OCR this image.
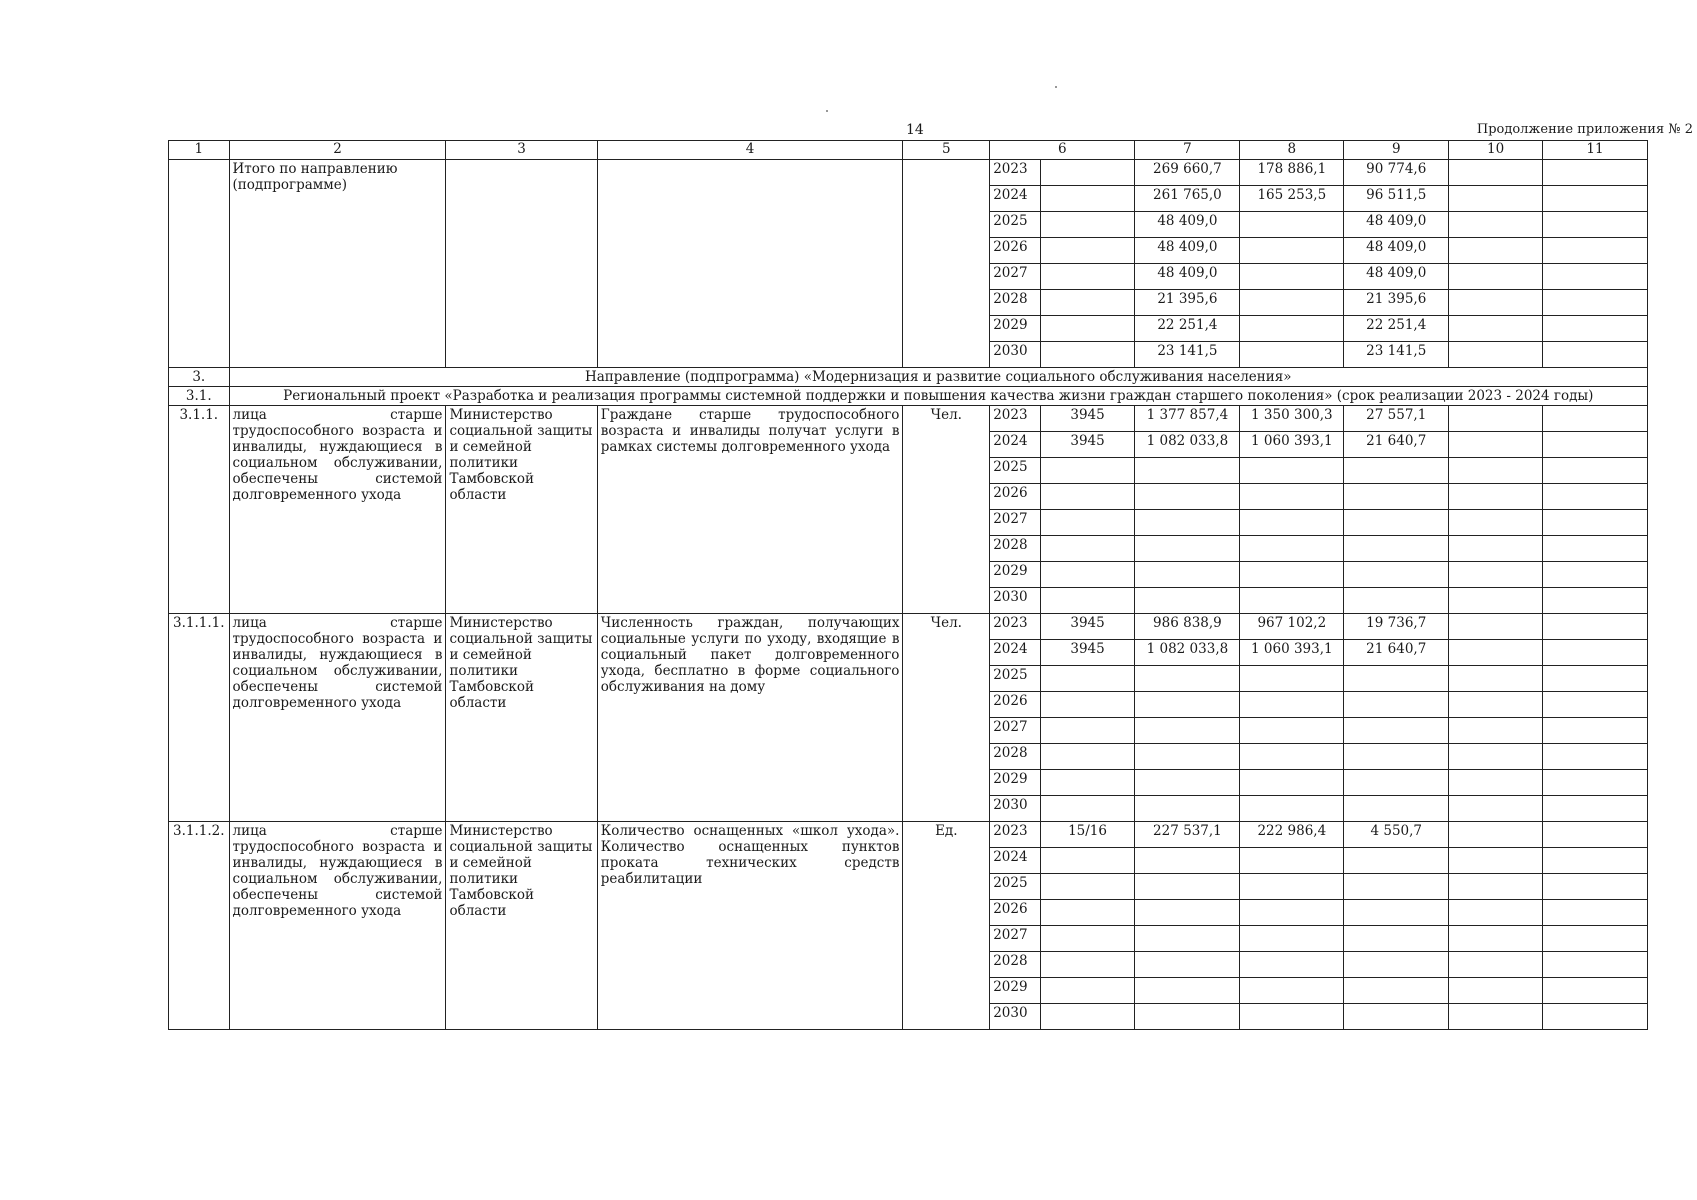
14	Продолжение приложения № 2
1	2	3	4	5	6		7	8	9	10	11
	Итого по направлению (подпрограмме)				2023		269 660,7	178 886,1	90 774,6		
					2024		261 765,0	165 253,5	96 511,5		
					2025		48 409,0		48 409,0		
					2026		48 409,0		48 409,0		
					2027		48 409,0		48 409,0		
					2028		21 395,6		21 395,6		
					2029		22 251,4		22 251,4		
					2030		23 141,5		23 141,5		
3.	Направление (подпрограмма) «Модернизация и развитие социального обслуживания населения»										
3.1.	Региональный проект «Разработка и реализация программы системной поддержки и повышения качества жизни граждан старшего поколения» (срок реализации 2023 - 2024 годы)										
3.1.1.	лица старше трудоспособного возраста и инвалиды, нуждающиеся в социальном обслуживании, обеспечены системой долговременного ухода	Министерство социальной защиты и семейной политики Тамбовской области	Граждане старше трудоспособного возраста и инвалиды получат услуги в рамках системы долговременного ухода	Чел.	2023	3945	1 377 857,4	1 350 300,3	27 557,1		
					2024	3945	1 082 033,8	1 060 393,1	21 640,7		
					2025						
					2026						
					2027						
					2028						
					2029						
					2030						
3.1.1.1.	лица старше трудоспособного возраста и инвалиды, нуждающиеся в социальном обслуживании, обеспечены системой долговременного ухода	Министерство социальной защиты и семейной политики Тамбовской области	Численность граждан, получающих социальные услуги по уходу, входящие в социальный пакет долговременного ухода, бесплатно в форме социального обслуживания на дому	Чел.	2023	3945	986 838,9	967 102,2	19 736,7		
					2024	3945	1 082 033,8	1 060 393,1	21 640,7		
					2025						
					2026						
					2027						
					2028						
					2029						
					2030						
3.1.1.2.	лица старше трудоспособного возраста и инвалиды, нуждающиеся в социальном обслуживании, обеспечены системой долговременного ухода	Министерство социальной защиты и семейной политики Тамбовской области	Количество оснащенных «школ ухода». Количество оснащенных пунктов проката технических средств реабилитации	Ед.	2023	15/16	227 537,1	222 986,4	4 550,7		
					2024						
					2025						
					2026						
					2027						
					2028						
					2029						
					2030						
